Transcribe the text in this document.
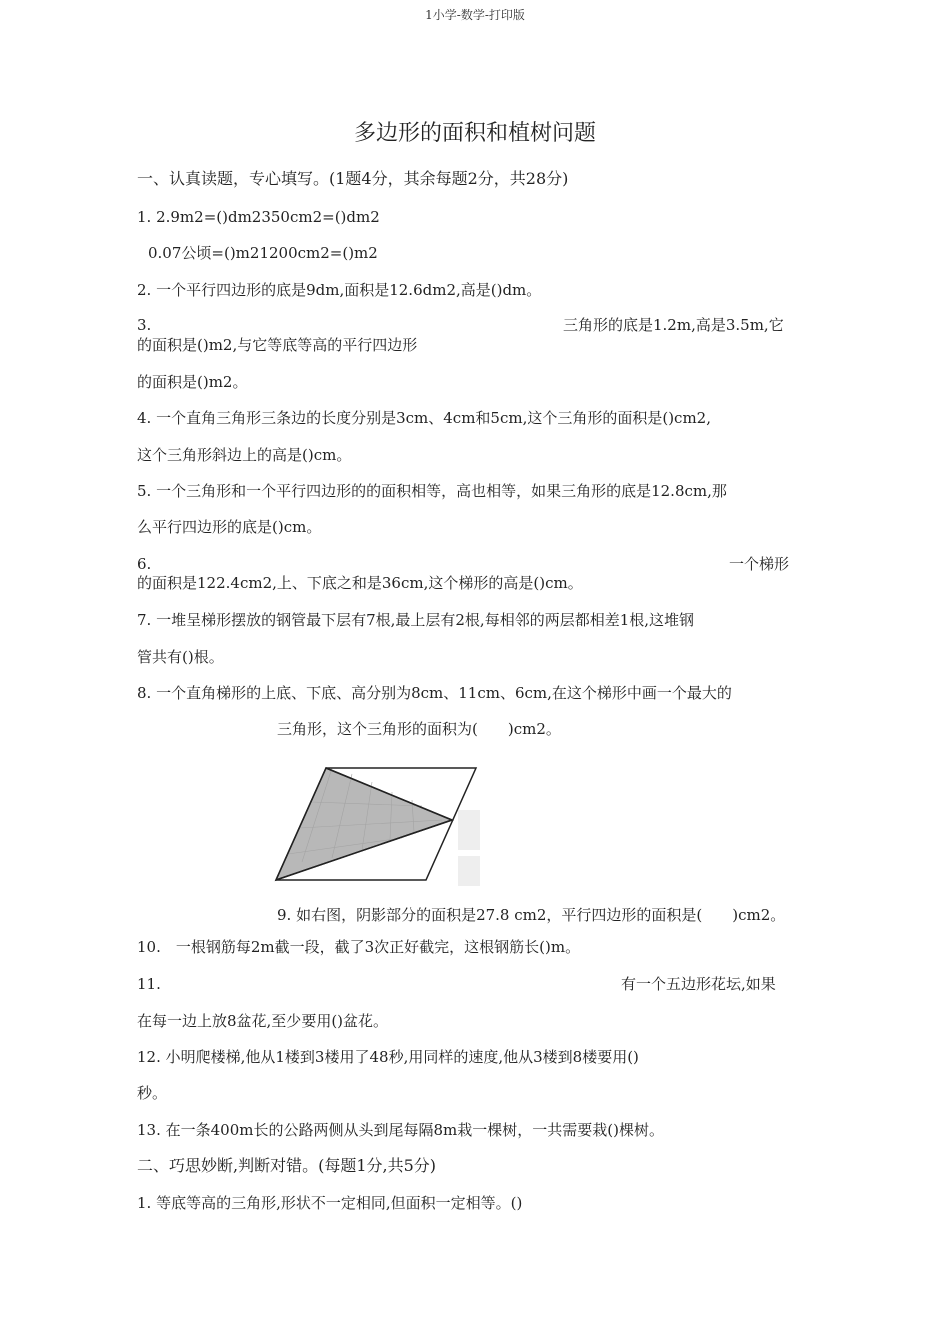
1小学-数学-打印版
多边形的面积和植树问题
一、认真读题，专心填写。(1题4分，其余每题2分，共28分)
1. 2.9m2=()dm2350cm2=()dm2
0.07公顷=()m21200cm2=()m2
2. 一个平行四边形的底是9dm,面积是12.6dm2,高是()dm。
3.	三角形的底是1.2m,高是3.5m,它
的面积是()m2,与它等底等高的平行四边形
的面积是()m2。
4. 一个直角三角形三条边的长度分别是3cm、4cm和5cm,这个三角形的面积是()cm2,
这个三角形斜边上的高是()cm。
5. 一个三角形和一个平行四边形的的面积相等，高也相等，如果三角形的底是12.8cm,那
么平行四边形的底是()cm。
6.	一个梯形
的面积是122.4cm2,上、下底之和是36cm,这个梯形的高是()cm。
7. 一堆呈梯形摆放的钢管最下层有7根,最上层有2根,每相邻的两层都相差1根,这堆钢
管共有()根。
8. 一个直角梯形的上底、下底、高分别为8cm、11cm、6cm,在这个梯形中画一个最大的
三角形，这个三角形的面积为(　　)cm2。
9. 如右图，阴影部分的面积是27.8 cm2，平行四边形的面积是(　　)cm2。
10.　一根钢筋每2m截一段，截了3次正好截完，这根钢筋长()m。
11.	有一个五边形花坛,如果
在每一边上放8盆花,至少要用()盆花。
12. 小明爬楼梯,他从1楼到3楼用了48秒,用同样的速度,他从3楼到8楼要用()
秒。
13. 在一条400m长的公路两侧从头到尾每隔8m栽一棵树，一共需要栽()棵树。
二、巧思妙断,判断对错。(每题1分,共5分)
1. 等底等高的三角形,形状不一定相同,但面积一定相等。()
